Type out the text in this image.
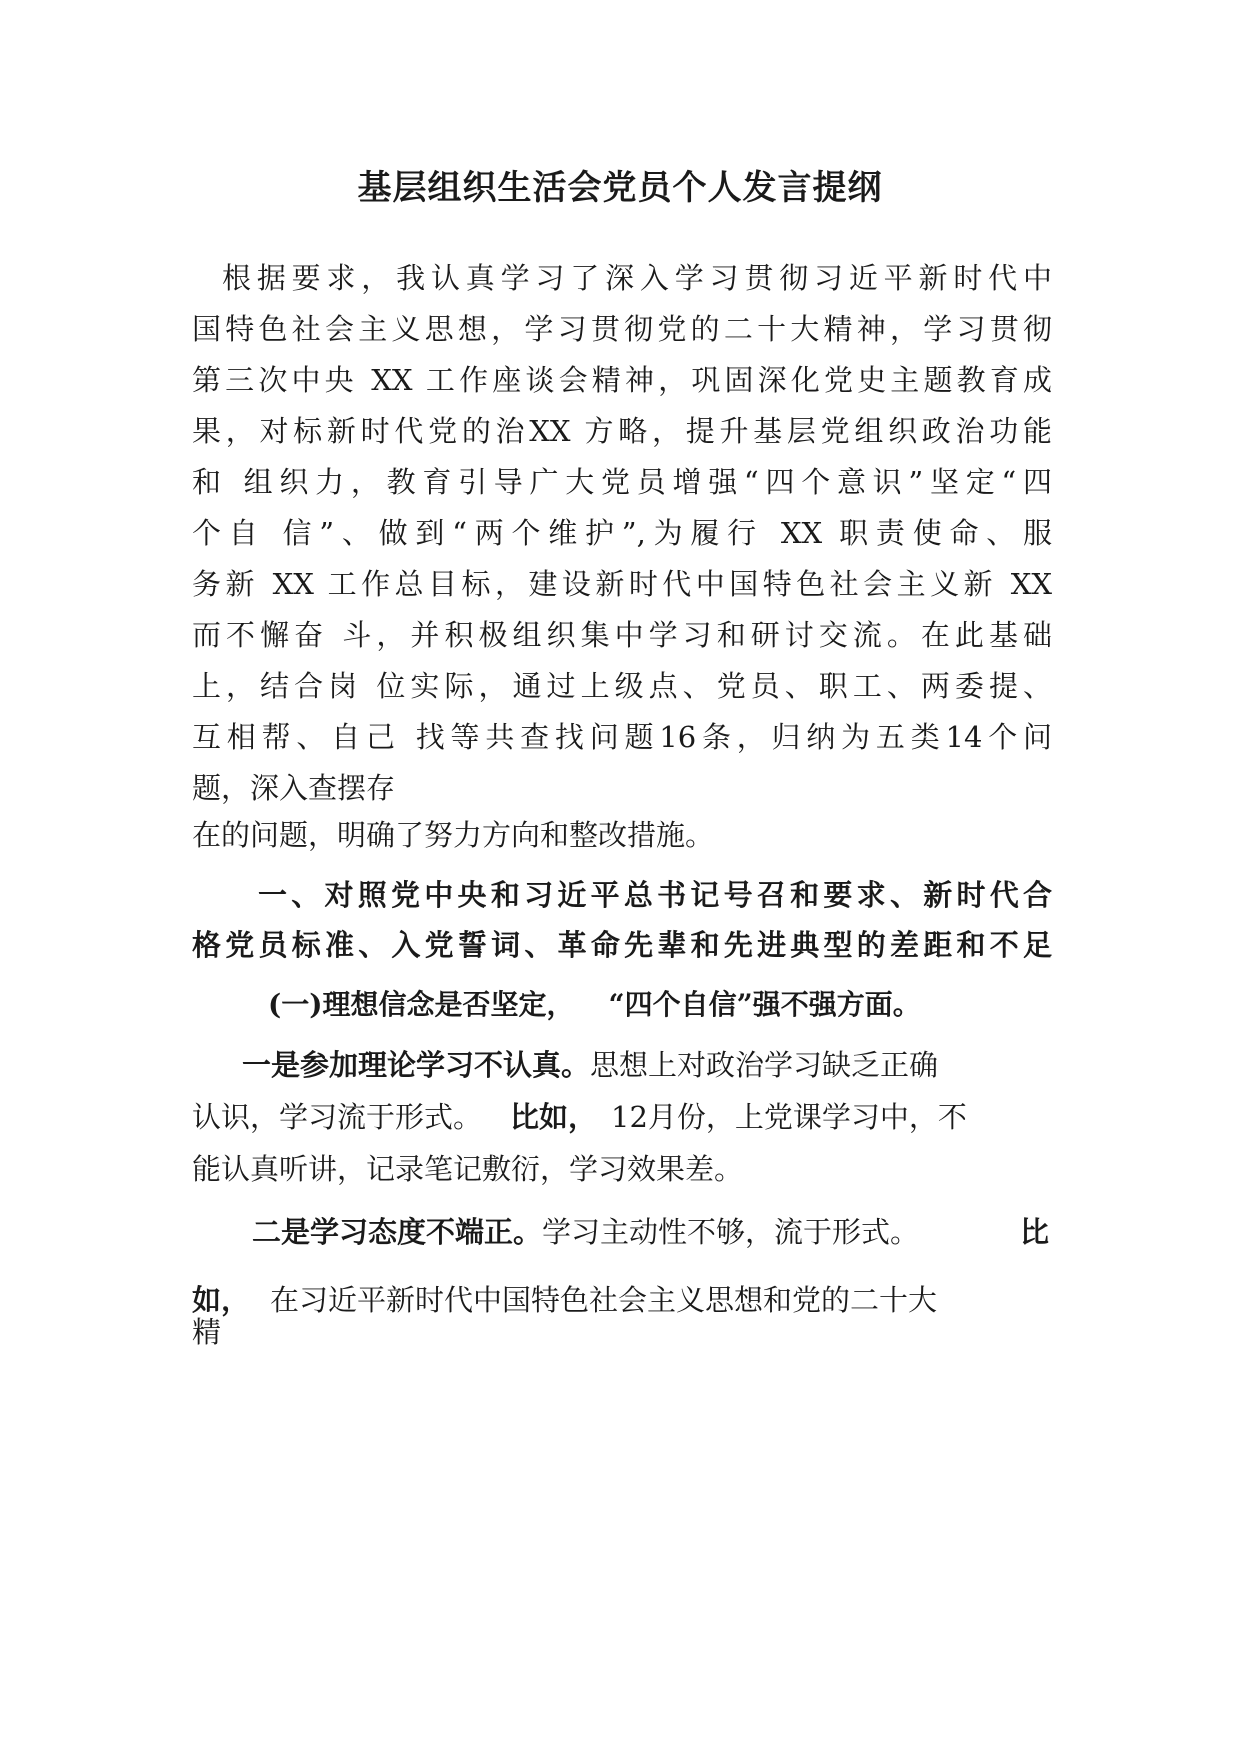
基层组织生活会党员个人发言提纲
根据要求，我认真学习了深入学习贯彻习近平新时代中
国特色社会主义思想，学习贯彻党的二十大精神，学习贯彻
第三次中央 XX 工作座谈会精神，巩固深化党史主题教育成
果，对标新时代党的治XX 方略，提升基层党组织政治功能
和 组织力，教育引导广大党员增强“四个意识”坚定“四
个自 信”、做到“两个维护”,为履行 XX 职责使命、服
务新 XX 工作总目标，建设新时代中国特色社会主义新 XX
而不懈奋 斗，并积极组织集中学习和研讨交流。在此基础
上，结合岗 位实际，通过上级点、党员、职工、两委提、
互相帮、自己 找等共查找问题16条，归纳为五类14个问
题，深入查摆存
在的问题，明确了努力方向和整改措施。
一、对照党中央和习近平总书记号召和要求、新时代合
格党员标准、入党誓词、革命先辈和先进典型的差距和不足
(一)理想信念是否坚定， “四个自信”强不强方面。
一是参加理论学习不认真。思想上对政治学习缺乏正确
认识，学习流于形式。 比如， 12月份，上党课学习中，不
能认真听讲，记录笔记敷衍，学习效果差。
二是学习态度不端正。学习主动性不够，流于形式。	比
如， 在习近平新时代中国特色社会主义思想和党的二十大
精
